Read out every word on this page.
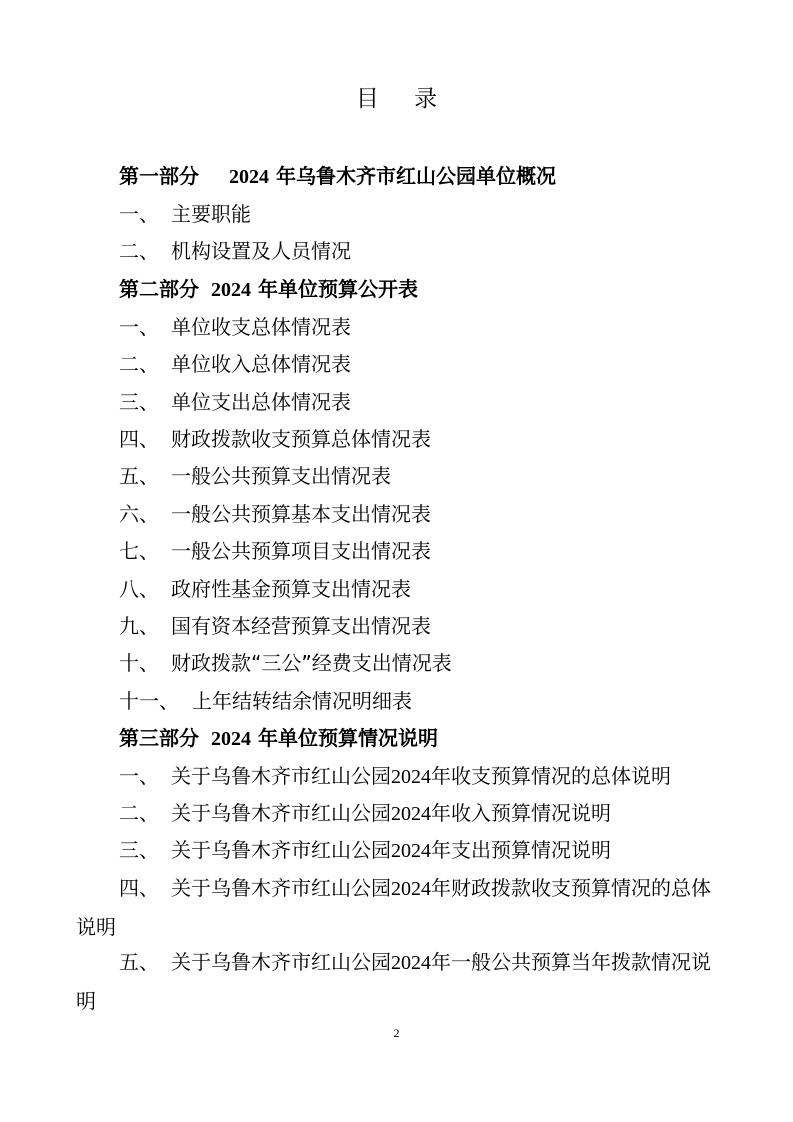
目 录
第一部分 2024 年乌鲁木齐市红山公园单位概况
一、 主要职能
二、 机构设置及人员情况
第二部分 2024 年单位预算公开表
一、 单位收支总体情况表
二、 单位收入总体情况表
三、 单位支出总体情况表
四、 财政拨款收支预算总体情况表
五、 一般公共预算支出情况表
六、 一般公共预算基本支出情况表
七、 一般公共预算项目支出情况表
八、 政府性基金预算支出情况表
九、 国有资本经营预算支出情况表
十、 财政拨款“三公”经费支出情况表
十一、 上年结转结余情况明细表
第三部分 2024 年单位预算情况说明
一、 关于乌鲁木齐市红山公园2024年收支预算情况的总体说明
二、 关于乌鲁木齐市红山公园2024年收入预算情况说明
三、 关于乌鲁木齐市红山公园2024年支出预算情况说明
四、 关于乌鲁木齐市红山公园2024年财政拨款收支预算情况的总体说明
五、 关于乌鲁木齐市红山公园2024年一般公共预算当年拨款情况说明
2
